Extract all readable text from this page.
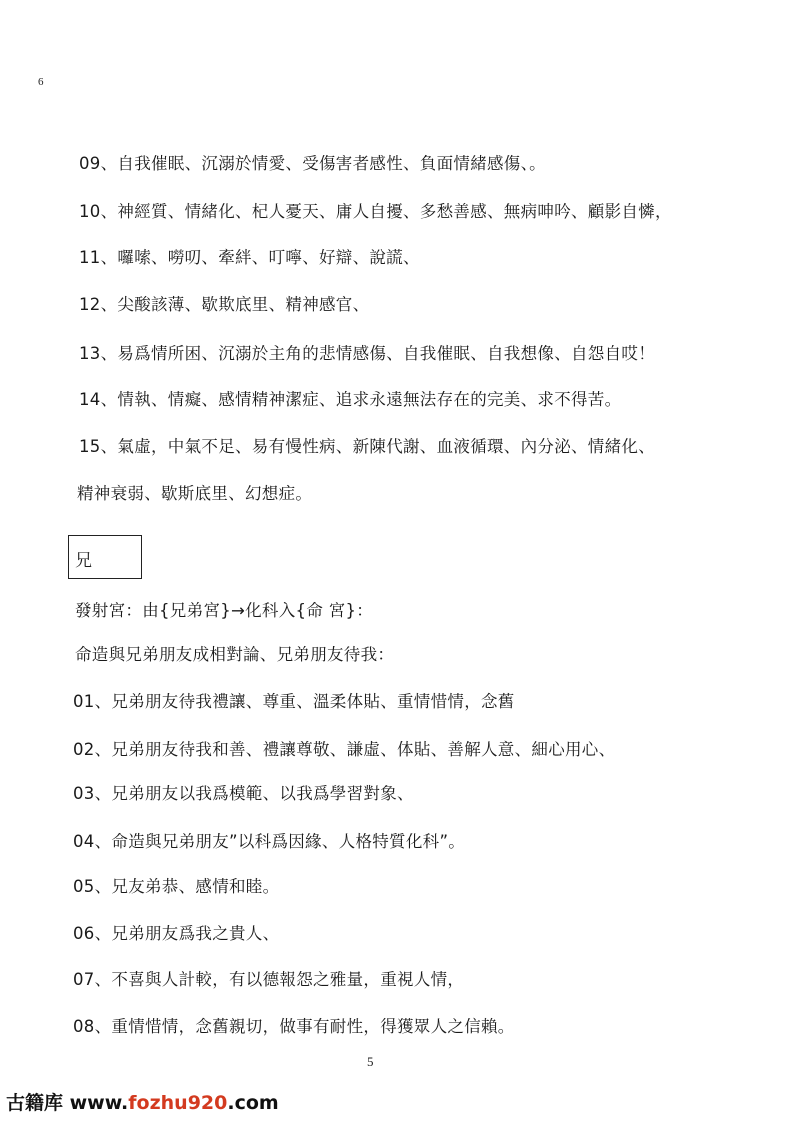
6
09、自我催眠、沉溺於情愛、受傷害者感性、負面情緒感傷、。
10、神經質、情緒化、杞人憂天、庸人自擾、多愁善感、無病呻吟、顧影自憐，
11、囉嗦、嘮叨、牽絆、叮嚀、好辯、說謊、
12、尖酸該薄、歇欺底里、精神感官、
13、易爲情所困、沉溺於主角的悲情感傷、自我催眠、自我想像、自怨自哎！
14、情執、情癡、感情精神潔症、追求永遠無法存在的完美、求不得苦。
15、氣虛，中氣不足、易有慢性病、新陳代謝、血液循環、內分泌、情緒化、
精神衰弱、歇斯底里、幻想症。
兄
發射宮：由{兄弟宮}→化科入{命 宮}：
命造與兄弟朋友成相對論、兄弟朋友待我：
01、兄弟朋友待我禮讓、尊重、溫柔体貼、重情惜情，念舊
02、兄弟朋友待我和善、禮讓尊敬、謙虛、体貼、善解人意、細心用心、
03、兄弟朋友以我爲模範、以我爲學習對象、
04、命造與兄弟朋友”以科爲因緣、人格特質化科”。
05、兄友弟恭、感情和睦。
06、兄弟朋友爲我之貴人、
07、不喜與人計較，有以德報怨之雅量，重視人情，
08、重情惜情，念舊親切，做事有耐性，得獲眾人之信賴。
5
古籍库 www.fozhu920.com
